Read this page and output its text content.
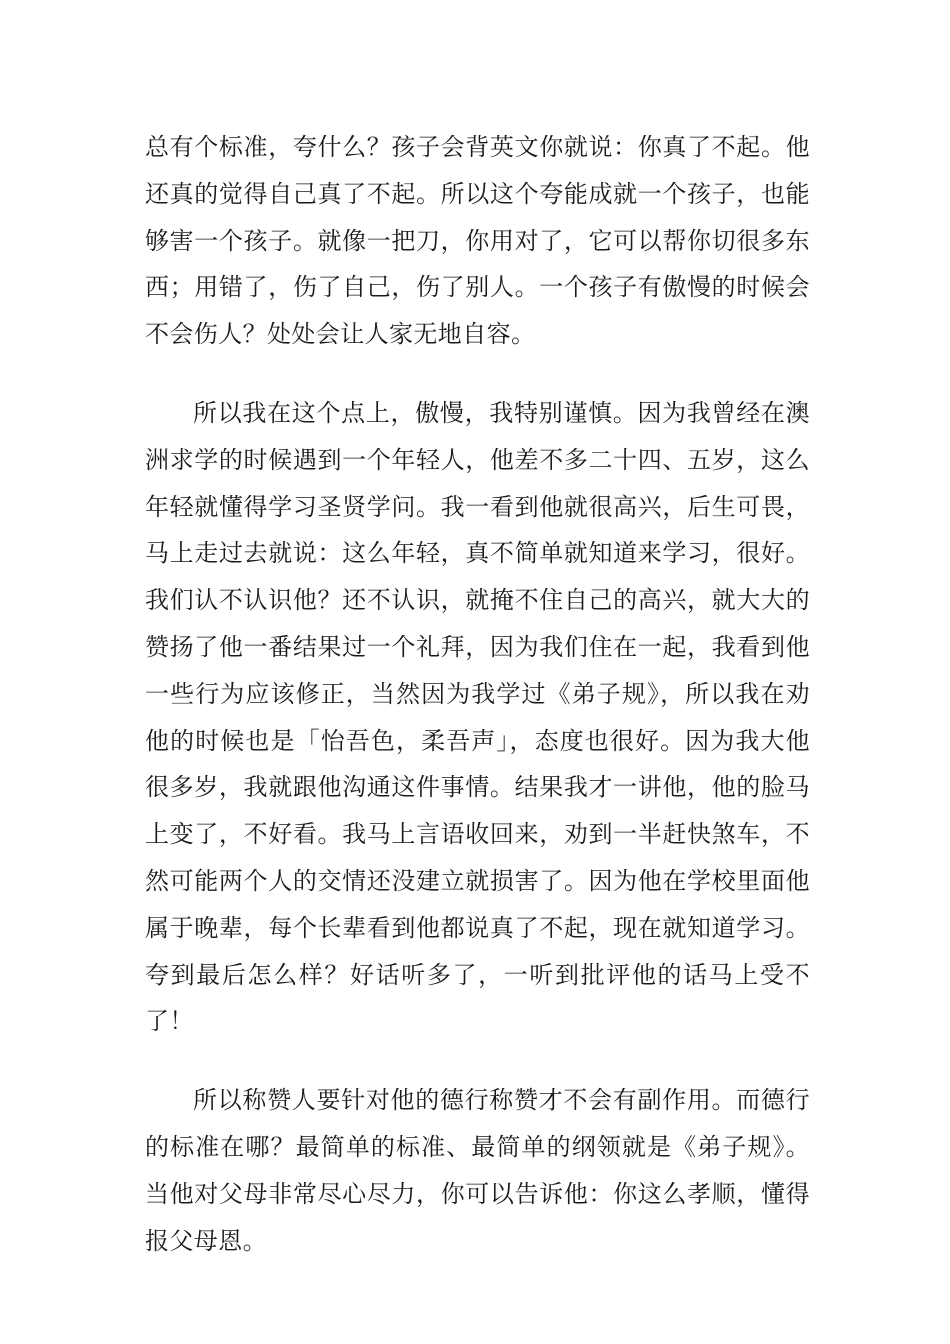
总有个标准，夸什么？孩子会背英文你就说：你真了不起。他还真的觉得自己真了不起。所以这个夸能成就一个孩子，也能够害一个孩子。就像一把刀，你用对了，它可以帮你切很多东西；用错了，伤了自己，伤了别人。一个孩子有傲慢的时候会不会伤人？处处会让人家无地自容。

所以我在这个点上，傲慢，我特别谨慎。因为我曾经在澳洲求学的时候遇到一个年轻人，他差不多二十四、五岁，这么年轻就懂得学习圣贤学问。我一看到他就很高兴，后生可畏，马上走过去就说：这么年轻，真不简单就知道来学习，很好。我们认不认识他？还不认识，就掩不住自己的高兴，就大大的赞扬了他一番结果过一个礼拜，因为我们住在一起，我看到他一些行为应该修正，当然因为我学过《弟子规》，所以我在劝他的时候也是「怡吾色，柔吾声」，态度也很好。因为我大他很多岁，我就跟他沟通这件事情。结果我才一讲他，他的脸马上变了，不好看。我马上言语收回来，劝到一半赶快煞车，不然可能两个人的交情还没建立就损害了。因为他在学校里面他属于晚辈，每个长辈看到他都说真了不起，现在就知道学习。夸到最后怎么样？好话听多了，一听到批评他的话马上受不了！

所以称赞人要针对他的德行称赞才不会有副作用。而德行的标准在哪？最简单的标准、最简单的纲领就是《弟子规》。当他对父母非常尽心尽力，你可以告诉他：你这么孝顺，懂得报父母恩。
